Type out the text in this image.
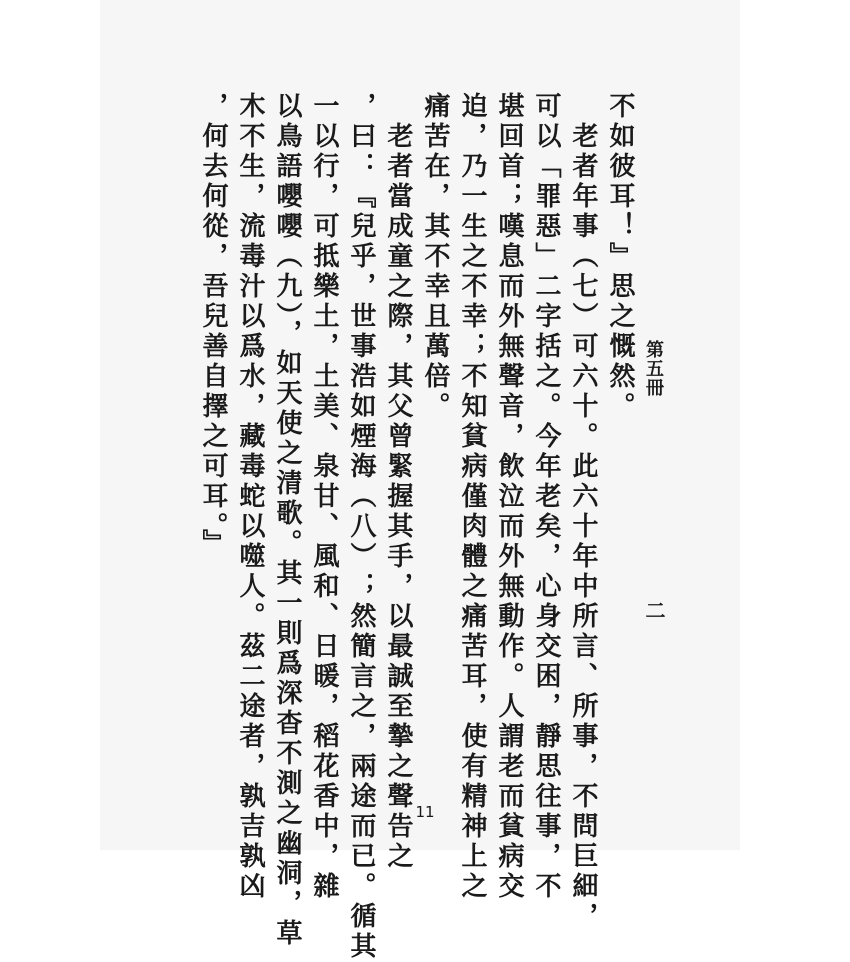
第五冊
二
不如彼耳！』思之慨然。
　老者年事（七）可六十。此六十年中所言、所事，不問巨細，
可以「罪惡」二字括之。今年老矣，心身交困，靜思往事，不
堪回首；嘆息而外無聲音，飲泣而外無動作。人謂老而貧病交
迫，乃一生之不幸；不知貧病僅肉體之痛苦耳，使有精神上之
痛苦在，其不幸且萬倍。
　老者當成童之際，其父曾緊握其手，以最誠至摯之聲告之
，曰：『兒乎，世事浩如煙海（八）；然簡言之，兩途而已。循其
一以行，可抵樂土，土美、泉甘、風和、日暖，稻花香中，雜
以鳥語嚶嚶（九），如天使之清歌。其一則爲深杳不測之幽洞，草
木不生，流毒汁以爲水，藏毒蛇以噬人。茲二途者，孰吉孰凶
，何去何從，吾兒善自擇之可耳。』
11
